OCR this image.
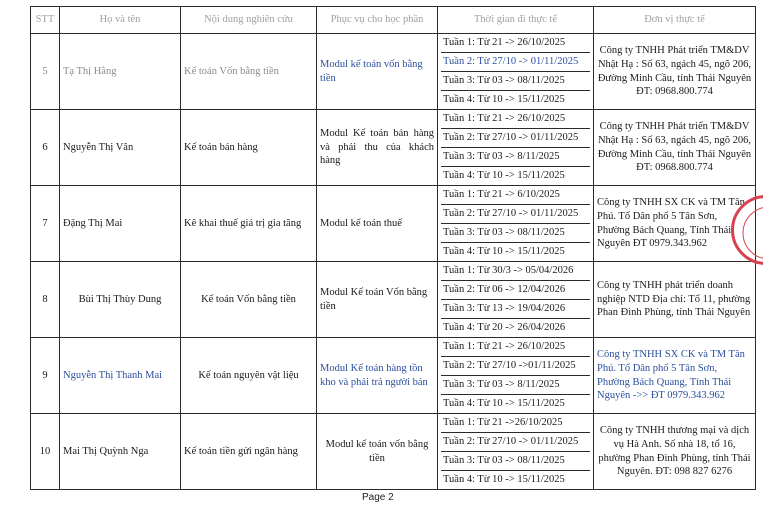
STT	Họ và tên	Nội dung nghiên cứu	Phục vụ cho học phần	Thời gian đi thực tế	Đơn vị thực tế
5	Tạ Thị Hằng	Kế toán Vốn bằng tiền	Modul kế toán vốn bằng tiền	Tuần 1: Từ 21 -> 26/10/2025
Tuần 2: Từ 27/10 -> 01/11/2025
Tuần 3: Từ 03 -> 08/11/2025
Tuần 4: Từ 10 -> 15/11/2025	Công ty TNHH Phát triển TM&DV Nhật Hạ : Số 63, ngách 45, ngõ 206, Đường Minh Cầu, tỉnh Thái Nguyên ĐT: 0968.800.774
6	Nguyễn Thị Vân	Kế toán bán hàng	Modul Kế toán bán hàng và phải thu của khách hàng	Tuần 1: Từ 21 -> 26/10/2025
Tuần 2: Từ 27/10 -> 01/11/2025
Tuần 3: Từ 03 -> 8/11/2025
Tuần 4: Từ 10 -> 15/11/2025	Công ty TNHH Phát triển TM&DV Nhật Hạ : Số 63, ngách 45, ngõ 206, Đường Minh Cầu, tỉnh Thái Nguyên ĐT: 0968.800.774
7	Đặng Thị Mai	Kê khai thuế giá trị gia tăng	Modul kế toán thuế	Tuần 1: Từ 21 -> 6/10/2025
Tuần 2: Từ 27/10 -> 01/11/2025
Tuần 3: Từ 03 -> 08/11/2025
Tuần 4: Từ 10 -> 15/11/2025	Công ty TNHH SX CK và TM Tân Phú. Tổ Dân phố 5 Tân Sơn, Phường Bách Quang, Tỉnh Thái Nguyên ĐT 0979.343.962
8	Bùi Thị Thùy Dung	Kế toán Vốn bằng tiền	Modul Kế toán Vốn bằng tiền	Tuần 1: Từ 30/3 -> 05/04/2026
Tuần 2: Từ 06 -> 12/04/2026
Tuần 3: Từ 13 -> 19/04/2026
Tuần 4: Từ 20 -> 26/04/2026	Công ty TNHH phát triển doanh nghiệp NTD Địa chỉ: Tổ 11, phường Phan Đình Phùng, tỉnh Thái Nguyên
9	Nguyễn Thị Thanh Mai	Kế toán nguyên vật liệu	Modul Kế toán hàng tồn kho và phải trả người bán	Tuần 1: Từ 21 -> 26/10/2025
Tuần 2: Từ 27/10 ->01/11/2025
Tuần 3: Từ 03 -> 8/11/2025
Tuần 4: Từ 10 -> 15/11/2025	Công ty TNHH SX CK và TM Tân Phú. Tổ Dân phố 5 Tân Sơn, Phường Bách Quang, Tỉnh Thái Nguyên ->> ĐT 0979.343.962
10	Mai Thị Quỳnh Nga	Kế toán tiền gửi ngân hàng	Modul kế toán vốn bằng tiền	Tuần 1: Từ 21 ->26/10/2025
Tuần 2: Từ 27/10 -> 01/11/2025
Tuần 3: Từ 03 -> 08/11/2025
Tuần 4: Từ 10 -> 15/11/2025	Công ty TNHH thương mại và dịch vụ Hà Anh. Số nhà 18, tổ 16, phường Phan Đình Phùng, tỉnh Thái Nguyên. ĐT: 098 827 6276
Page 2
